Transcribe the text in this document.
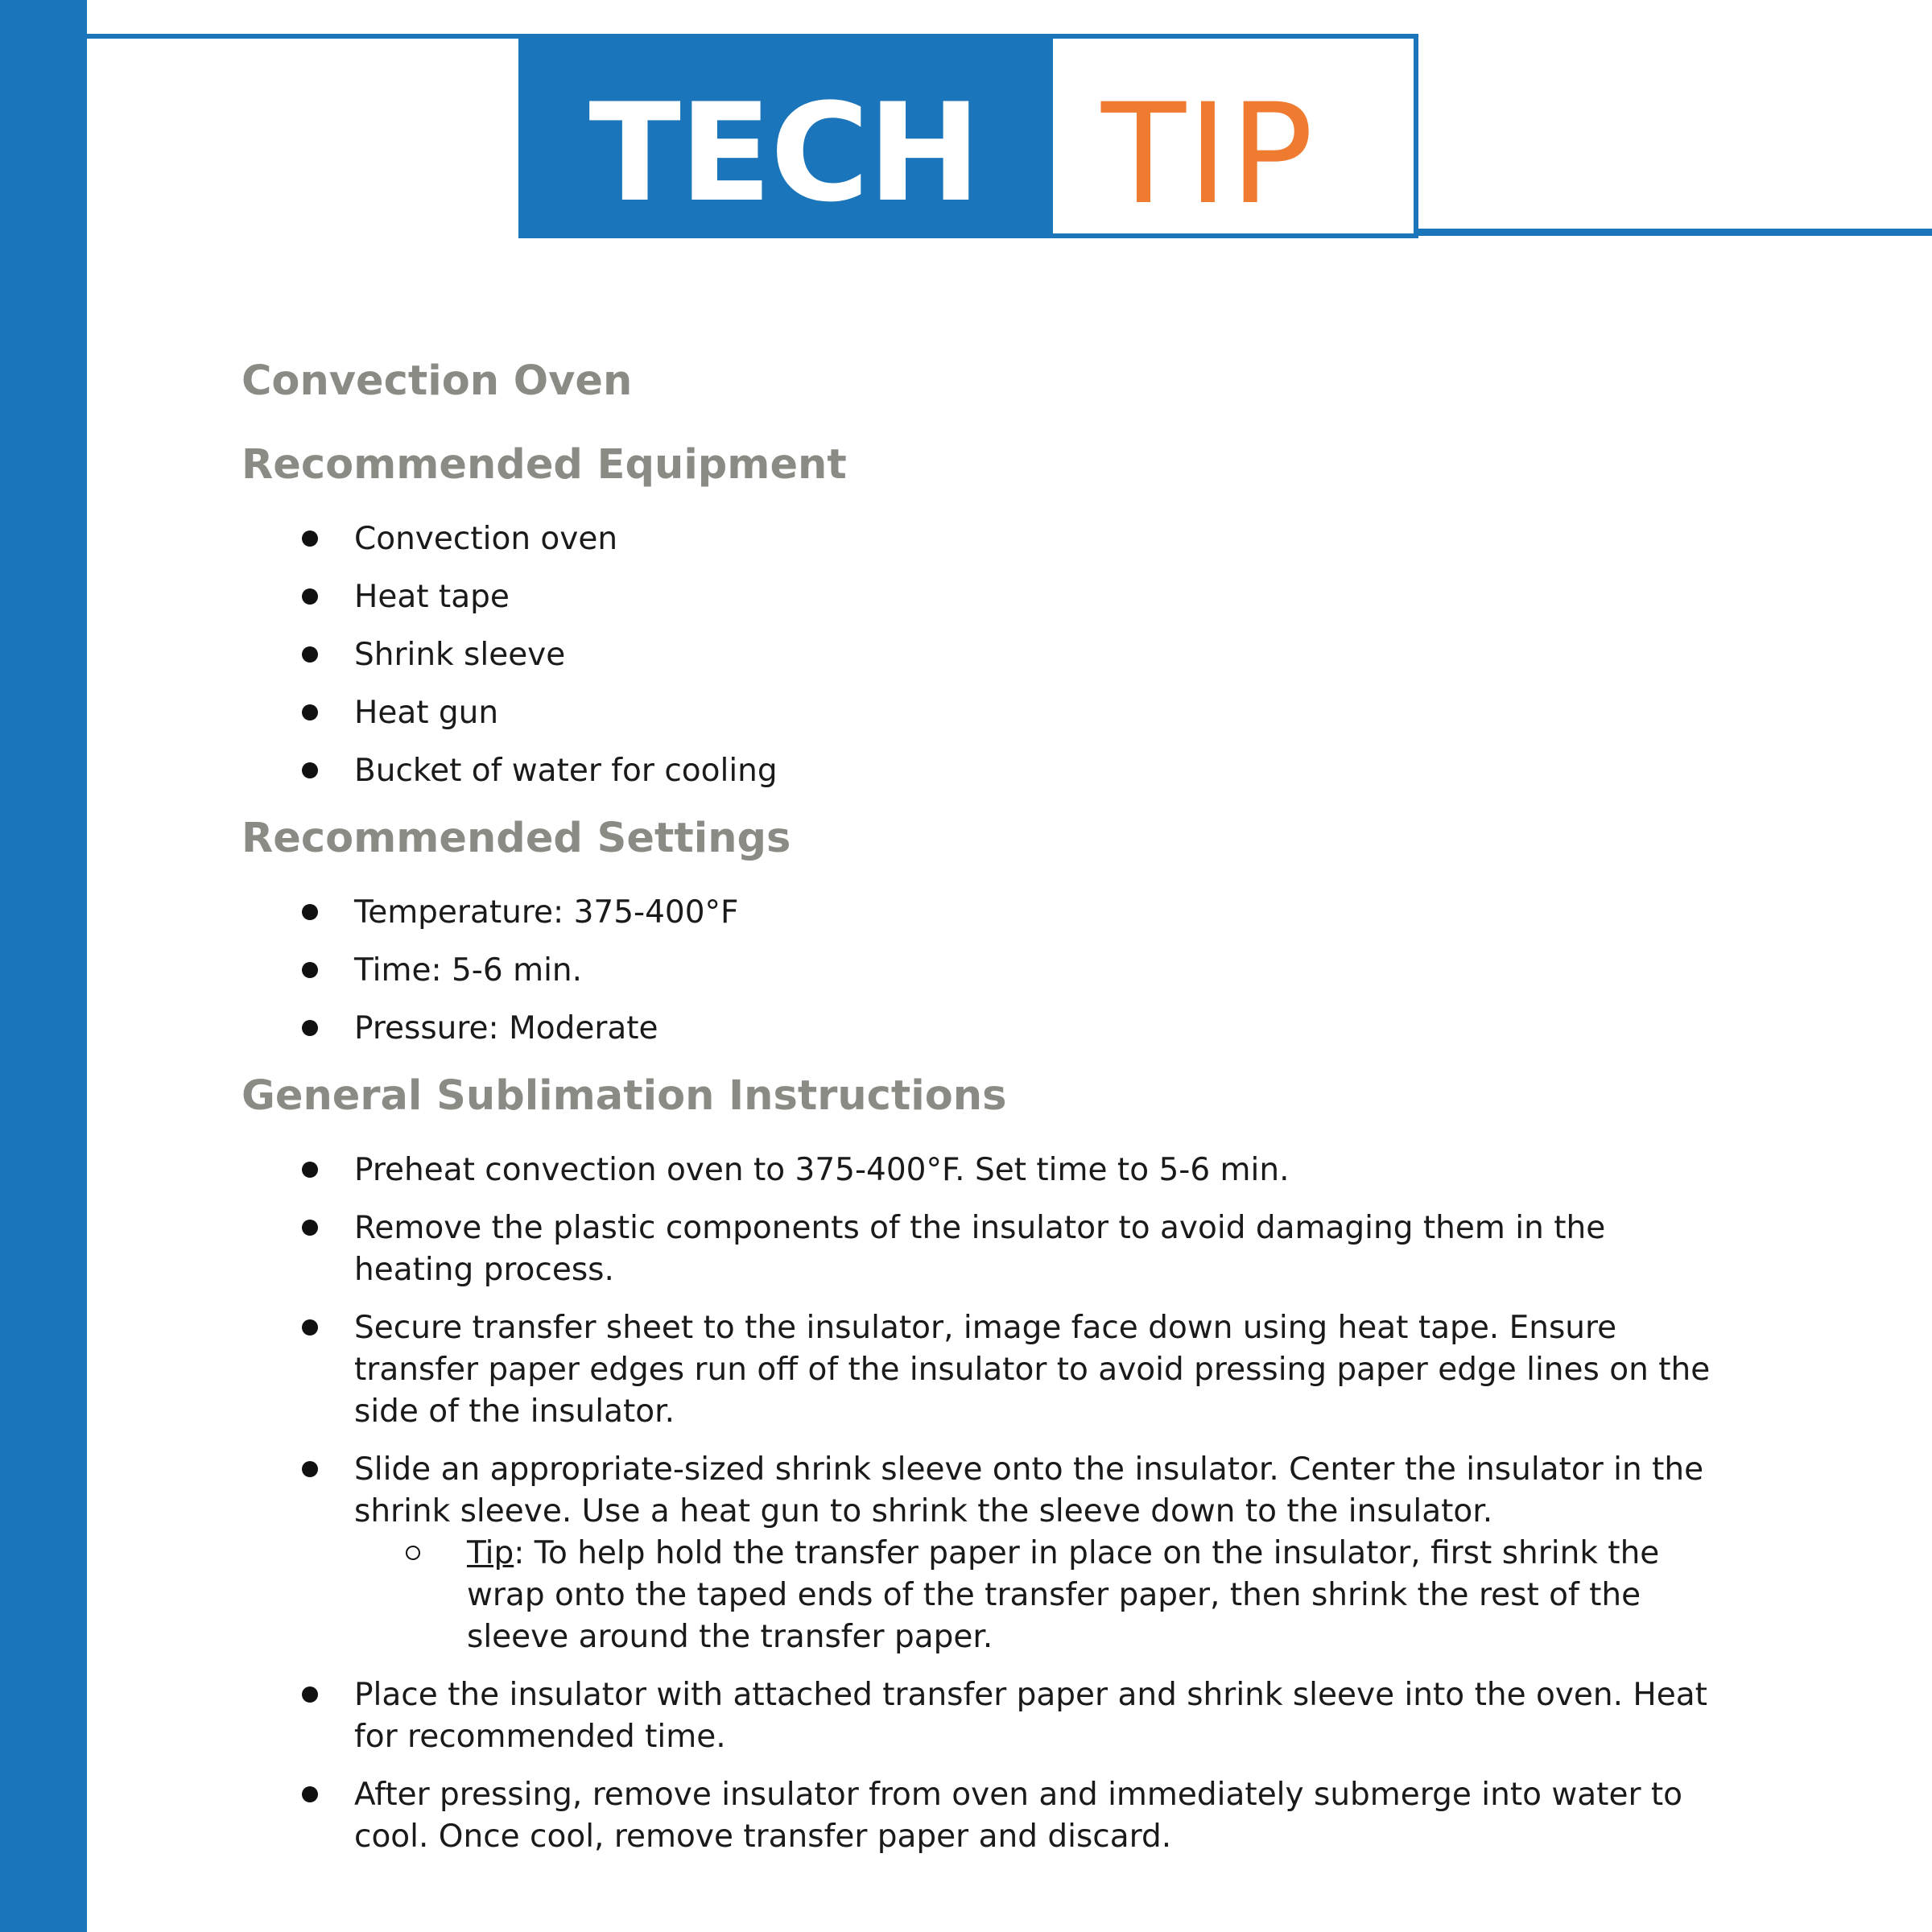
TECH TIP
Convection Oven
Recommended Equipment
Convection oven
Heat tape
Shrink sleeve
Heat gun
Bucket of water for cooling
Recommended Settings
Temperature: 375-400°F
Time: 5-6 min.
Pressure: Moderate
General Sublimation Instructions
Preheat convection oven to 375-400°F. Set time to 5-6 min.
Remove the plastic components of the insulator to avoid damaging them in the heating process.
Secure transfer sheet to the insulator, image face down using heat tape. Ensure transfer paper edges run off of the insulator to avoid pressing paper edge lines on the side of the insulator.
Slide an appropriate-sized shrink sleeve onto the insulator. Center the insulator in the shrink sleeve. Use a heat gun to shrink the sleeve down to the insulator.
Tip: To help hold the transfer paper in place on the insulator, first shrink the wrap onto the taped ends of the transfer paper, then shrink the rest of the sleeve around the transfer paper.
Place the insulator with attached transfer paper and shrink sleeve into the oven. Heat for recommended time.
After pressing, remove insulator from oven and immediately submerge into water to cool. Once cool, remove transfer paper and discard.
